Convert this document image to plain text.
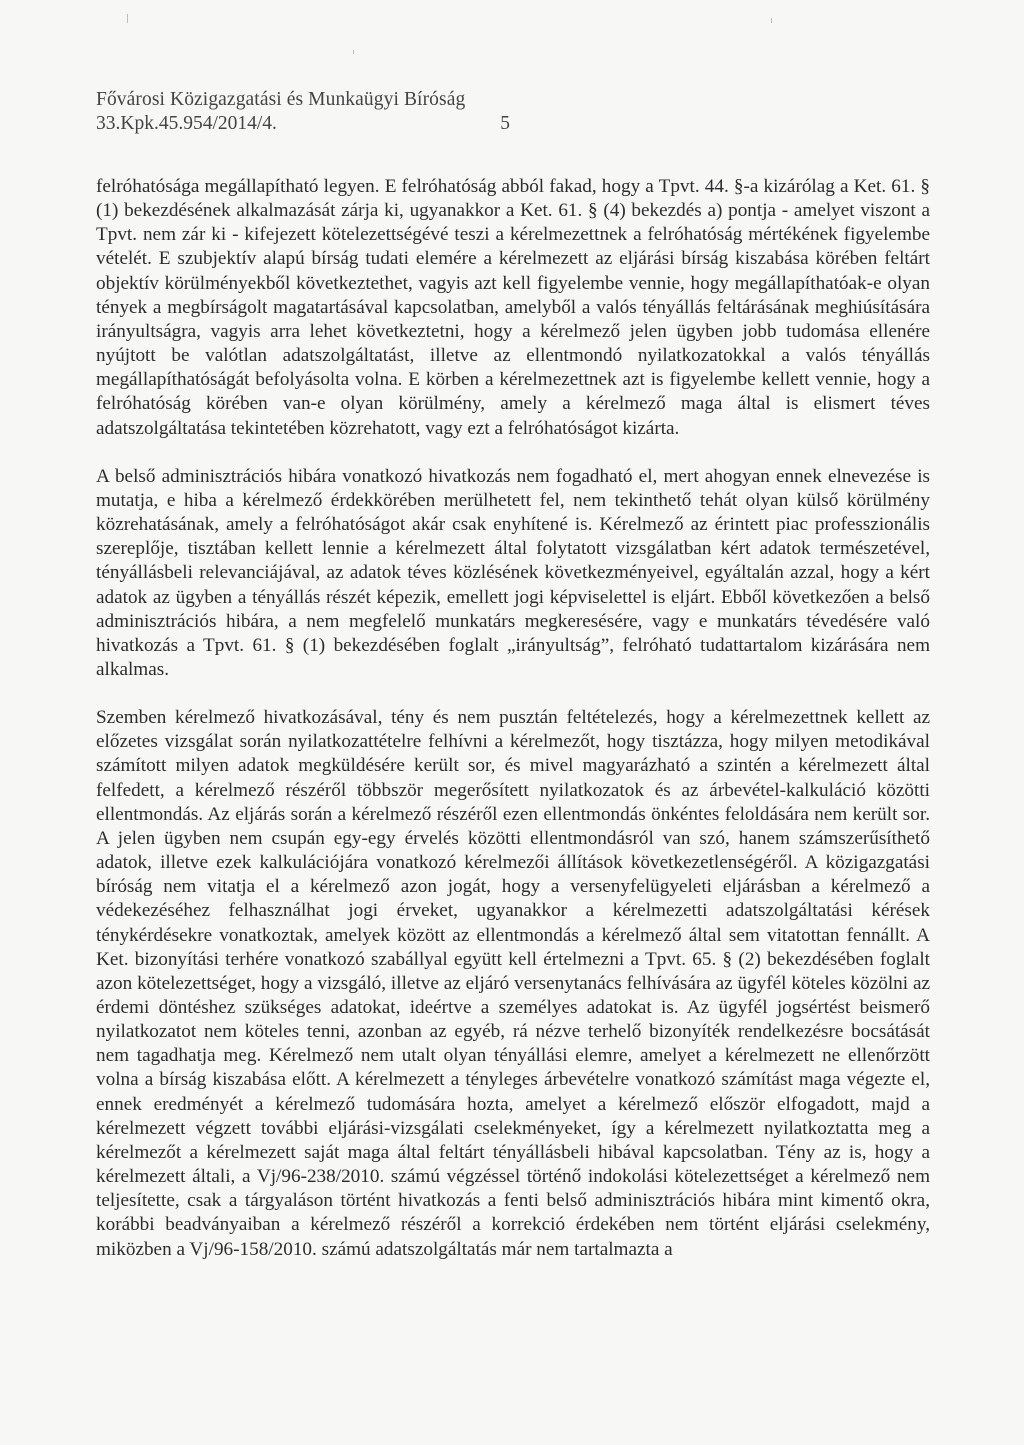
Fővárosi Közigazgatási és Munkaügyi Bíróság
33.Kpk.45.954/2014/4.	5

felróhatósága megállapítható legyen. E felróhatóság abból fakad, hogy a Tpvt. 44. §-a kizárólag a Ket. 61. § (1) bekezdésének alkalmazását zárja ki, ugyanakkor a Ket. 61. § (4) bekezdés a) pontja - amelyet viszont a Tpvt. nem zár ki - kifejezett kötelezettségévé teszi a kérelmezettnek a felróhatóság mértékének figyelembe vételét. E szubjektív alapú bírság tudati elemére a kérelmezett az eljárási bírság kiszabása körében feltárt objektív körülményekből következtethet, vagyis azt kell figyelembe vennie, hogy megállapíthatóak-e olyan tények a megbírságolt magatartásával kapcsolatban, amelyből a valós tényállás feltárásának meghiúsítására irányultságra, vagyis arra lehet következtetni, hogy a kérelmező jelen ügyben jobb tudomása ellenére nyújtott be valótlan adatszolgáltatást, illetve az ellentmondó nyilatkozatokkal a valós tényállás megállapíthatóságát befolyásolta volna. E körben a kérelmezettnek azt is figyelembe kellett vennie, hogy a felróhatóság körében van-e olyan körülmény, amely a kérelmező maga által is elismert téves adatszolgáltatása tekintetében közrehatott, vagy ezt a felróhatóságot kizárta.

A belső adminisztrációs hibára vonatkozó hivatkozás nem fogadható el, mert ahogyan ennek elnevezése is mutatja, e hiba a kérelmező érdekkörében merülhetett fel, nem tekinthető tehát olyan külső körülmény közrehatásának, amely a felróhatóságot akár csak enyhítené is. Kérelmező az érintett piac professzionális szereplője, tisztában kellett lennie a kérelmezett által folytatott vizsgálatban kért adatok természetével, tényállásbeli relevanciájával, az adatok téves közlésének következményeivel, egyáltalán azzal, hogy a kért adatok az ügyben a tényállás részét képezik, emellett jogi képviselettel is eljárt. Ebből következően a belső adminisztrációs hibára, a nem megfelelő munkatárs megkeresésére, vagy e munkatárs tévedésére való hivatkozás a Tpvt. 61. § (1) bekezdésében foglalt „irányultság”, felróható tudattartalom kizárására nem alkalmas.

Szemben kérelmező hivatkozásával, tény és nem pusztán feltételezés, hogy a kérelmezettnek kellett az előzetes vizsgálat során nyilatkozattételre felhívni a kérelmezőt, hogy tisztázza, hogy milyen metodikával számított milyen adatok megküldésére került sor, és mivel magyarázható a szintén a kérelmezett által felfedett, a kérelmező részéről többször megerősített nyilatkozatok és az árbevétel-kalkuláció közötti ellentmondás. Az eljárás során a kérelmező részéről ezen ellentmondás önkéntes feloldására nem került sor. A jelen ügyben nem csupán egy-egy érvelés közötti ellentmondásról van szó, hanem számszerűsíthető adatok, illetve ezek kalkulációjára vonatkozó kérelmezői állítások következetlenségéről. A közigazgatási bíróság nem vitatja el a kérelmező azon jogát, hogy a versenyfelügyeleti eljárásban a kérelmező a védekezéséhez felhasználhat jogi érveket, ugyanakkor a kérelmezetti adatszolgáltatási kérések ténykérdésekre vonatkoztak, amelyek között az ellentmondás a kérelmező által sem vitatottan fennállt. A Ket. bizonyítási terhére vonatkozó szabállyal együtt kell értelmezni a Tpvt. 65. § (2) bekezdésében foglalt azon kötelezettséget, hogy a vizsgáló, illetve az eljáró versenytanács felhívására az ügyfél köteles közölni az érdemi döntéshez szükséges adatokat, ideértve a személyes adatokat is. Az ügyfél jogsértést beismerő nyilatkozatot nem köteles tenni, azonban az egyéb, rá nézve terhelő bizonyíték rendelkezésre bocsátását nem tagadhatja meg. Kérelmező nem utalt olyan tényállási elemre, amelyet a kérelmezett ne ellenőrzött volna a bírság kiszabása előtt. A kérelmezett a tényleges árbevételre vonatkozó számítást maga végezte el, ennek eredményét a kérelmező tudomására hozta, amelyet a kérelmező először elfogadott, majd a kérelmezett végzett további eljárási-vizsgálati cselekményeket, így a kérelmezett nyilatkoztatta meg a kérelmezőt a kérelmezett saját maga által feltárt tényállásbeli hibával kapcsolatban. Tény az is, hogy a kérelmezett általi, a Vj/96-238/2010. számú végzéssel történő indokolási kötelezettséget a kérelmező nem teljesítette, csak a tárgyaláson történt hivatkozás a fenti belső adminisztrációs hibára mint kimentő okra, korábbi beadványaiban a kérelmező részéről a korrekció érdekében nem történt eljárási cselekmény, miközben a Vj/96-158/2010. számú adatszolgáltatás már nem tartalmazta a
